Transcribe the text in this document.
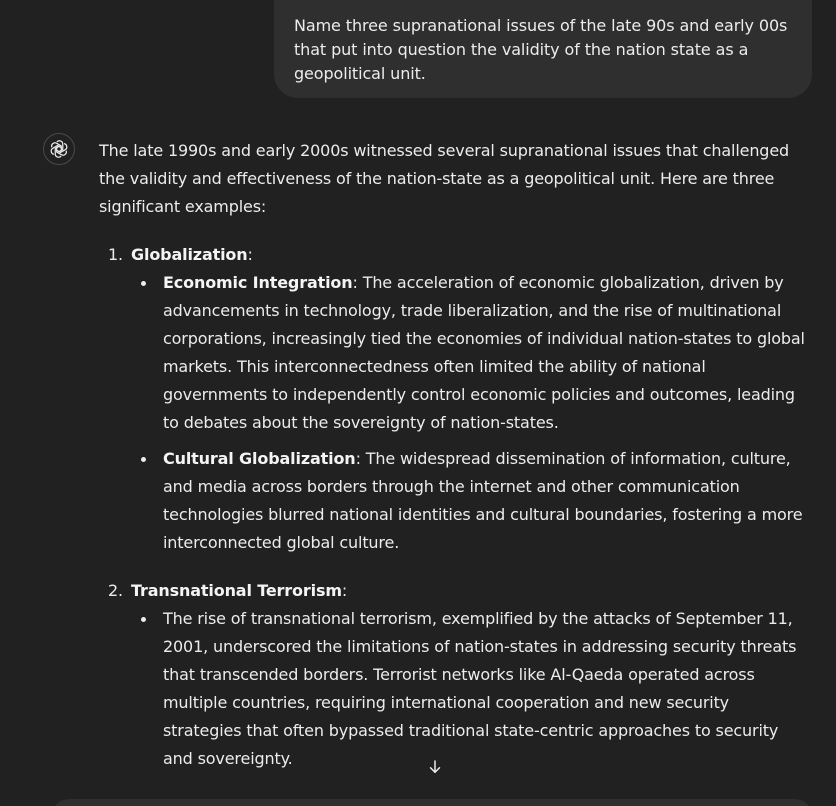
Name three supranational issues of the late 90s and early 00s that put into question the validity of the nation state as a geopolitical unit.

The late 1990s and early 2000s witnessed several supranational issues that challenged the validity and effectiveness of the nation-state as a geopolitical unit. Here are three significant examples:

1. Globalization:

Economic Integration: The acceleration of economic globalization, driven by advancements in technology, trade liberalization, and the rise of multinational corporations, increasingly tied the economies of individual nation-states to global markets. This interconnectedness often limited the ability of national governments to independently control economic policies and outcomes, leading to debates about the sovereignty of nation-states.
Cultural Globalization: The widespread dissemination of information, culture, and media across borders through the internet and other communication technologies blurred national identities and cultural boundaries, fostering a more interconnected global culture.
2. Transnational Terrorism:

The rise of transnational terrorism, exemplified by the attacks of September 11, 2001, underscored the limitations of nation-states in addressing security threats that transcended borders. Terrorist networks like Al-Qaeda operated across multiple countries, requiring international cooperation and new security strategies that often bypassed traditional state-centric approaches to security and sovereignty.
